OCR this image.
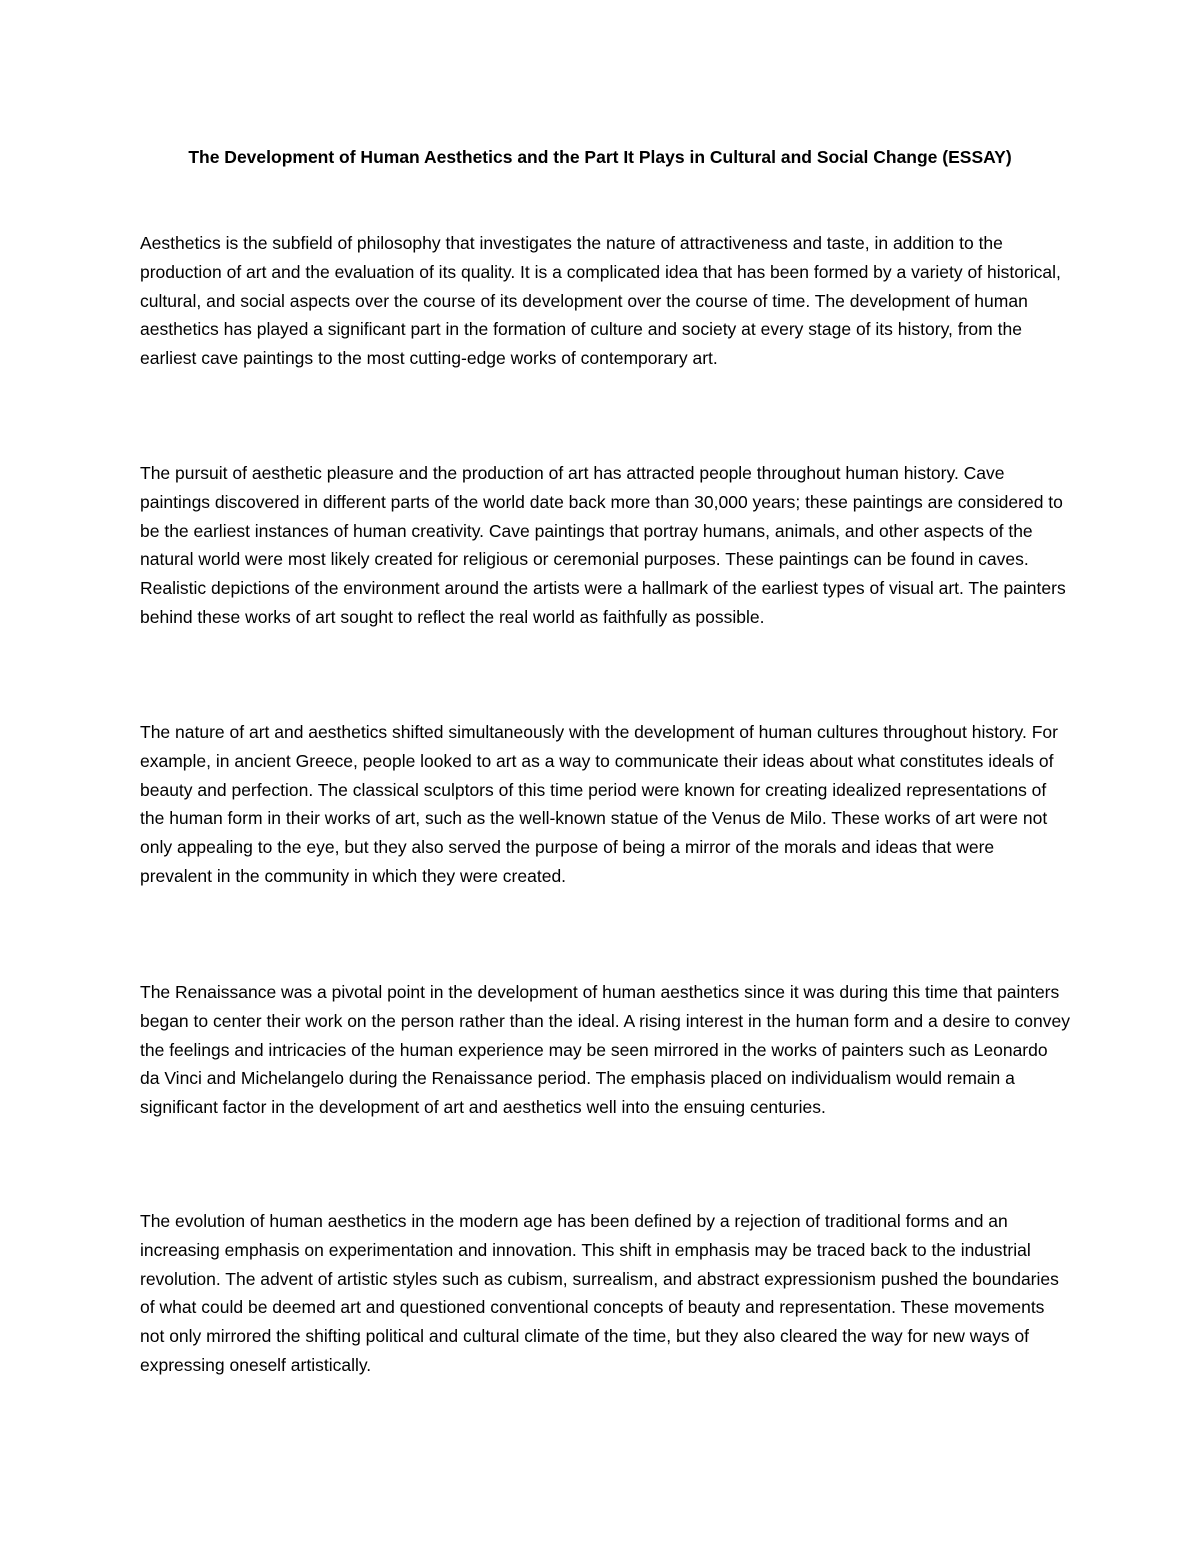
The Development of Human Aesthetics and the Part It Plays in Cultural and Social Change (ESSAY)

Aesthetics is the subfield of philosophy that investigates the nature of attractiveness and taste, in addition to the production of art and the evaluation of its quality. It is a complicated idea that has been formed by a variety of historical, cultural, and social aspects over the course of its development over the course of time. The development of human aesthetics has played a significant part in the formation of culture and society at every stage of its history, from the earliest cave paintings to the most cutting-edge works of contemporary art.

The pursuit of aesthetic pleasure and the production of art has attracted people throughout human history. Cave paintings discovered in different parts of the world date back more than 30,000 years; these paintings are considered to be the earliest instances of human creativity. Cave paintings that portray humans, animals, and other aspects of the natural world were most likely created for religious or ceremonial purposes. These paintings can be found in caves. Realistic depictions of the environment around the artists were a hallmark of the earliest types of visual art. The painters behind these works of art sought to reflect the real world as faithfully as possible.

The nature of art and aesthetics shifted simultaneously with the development of human cultures throughout history. For example, in ancient Greece, people looked to art as a way to communicate their ideas about what constitutes ideals of beauty and perfection. The classical sculptors of this time period were known for creating idealized representations of the human form in their works of art, such as the well-known statue of the Venus de Milo. These works of art were not only appealing to the eye, but they also served the purpose of being a mirror of the morals and ideas that were prevalent in the community in which they were created.

The Renaissance was a pivotal point in the development of human aesthetics since it was during this time that painters began to center their work on the person rather than the ideal. A rising interest in the human form and a desire to convey the feelings and intricacies of the human experience may be seen mirrored in the works of painters such as Leonardo da Vinci and Michelangelo during the Renaissance period. The emphasis placed on individualism would remain a significant factor in the development of art and aesthetics well into the ensuing centuries.

The evolution of human aesthetics in the modern age has been defined by a rejection of traditional forms and an increasing emphasis on experimentation and innovation. This shift in emphasis may be traced back to the industrial revolution. The advent of artistic styles such as cubism, surrealism, and abstract expressionism pushed the boundaries of what could be deemed art and questioned conventional concepts of beauty and representation. These movements not only mirrored the shifting political and cultural climate of the time, but they also cleared the way for new ways of expressing oneself artistically.
